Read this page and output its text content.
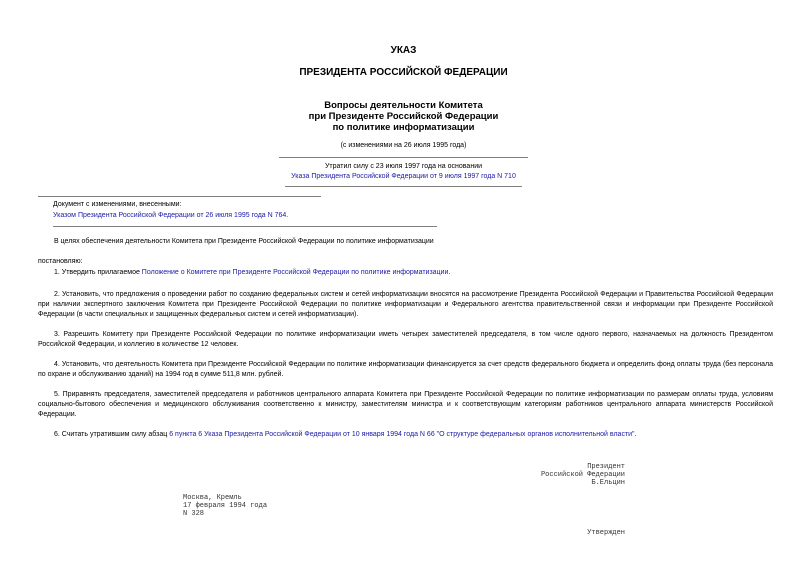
УКАЗ
ПРЕЗИДЕНТА РОССИЙСКОЙ ФЕДЕРАЦИИ
Вопросы деятельности Комитета
при Президенте Российской Федерации
по политике информатизации
(с изменениями на 26 июля 1995 года)
Утратил силу с 23 июля 1997 года на основании
Указа Президента Российской Федерации от 9 июля 1997 года N 710
Документ с изменениями, внесенными:
Указом Президента Российской Федерации от 26 июля 1995 года N 764.
В целях обеспечения деятельности Комитета при Президенте Российской Федерации по политике информатизации
постановляю:
1. Утвердить прилагаемое Положение о Комитете при Президенте Российской Федерации по политике информатизации.
2. Установить, что предложения о проведении работ по созданию федеральных систем и сетей информатизации вносятся на рассмотрение Президента Российской Федерации и Правительства Российской Федерации при наличии экспертного заключения Комитета при Президенте Российской Федерации по политике информатизации и Федерального агентства правительственной связи и информации при Президенте Российской Федерации (в части специальных и защищенных федеральных систем и сетей информатизации).
3. Разрешить Комитету при Президенте Российской Федерации по политике информатизации иметь четырех заместителей председателя, в том числе одного первого, назначаемых на должность Президентом Российской Федерации, и коллегию в количестве 12 человек.
4. Установить, что деятельность Комитета при Президенте Российской Федерации по политике информатизации финансируется за счет средств федерального бюджета и определить фонд оплаты труда (без персонала по охране и обслуживанию зданий) на 1994 год в сумме 511,8 млн. рублей.
5. Приравнять председателя, заместителей председателя и работников центрального аппарата Комитета при Президенте Российской Федерации по политике информатизации по размерам оплаты труда, условиям социально-бытового обеспечения и медицинского обслуживания соответственно к министру, заместителям министра и к соответствующим категориям работников центрального аппарата министерств Российской Федерации.
6. Считать утратившим силу абзац 6 пункта 6 Указа Президента Российской Федерации от 10 января 1994 года N 66 "О структуре федеральных органов исполнительной власти".
Президент
Российской Федерации
Б.Ельцин
Москва, Кремль
17 февраля 1994 года
N 328
Утвержден
